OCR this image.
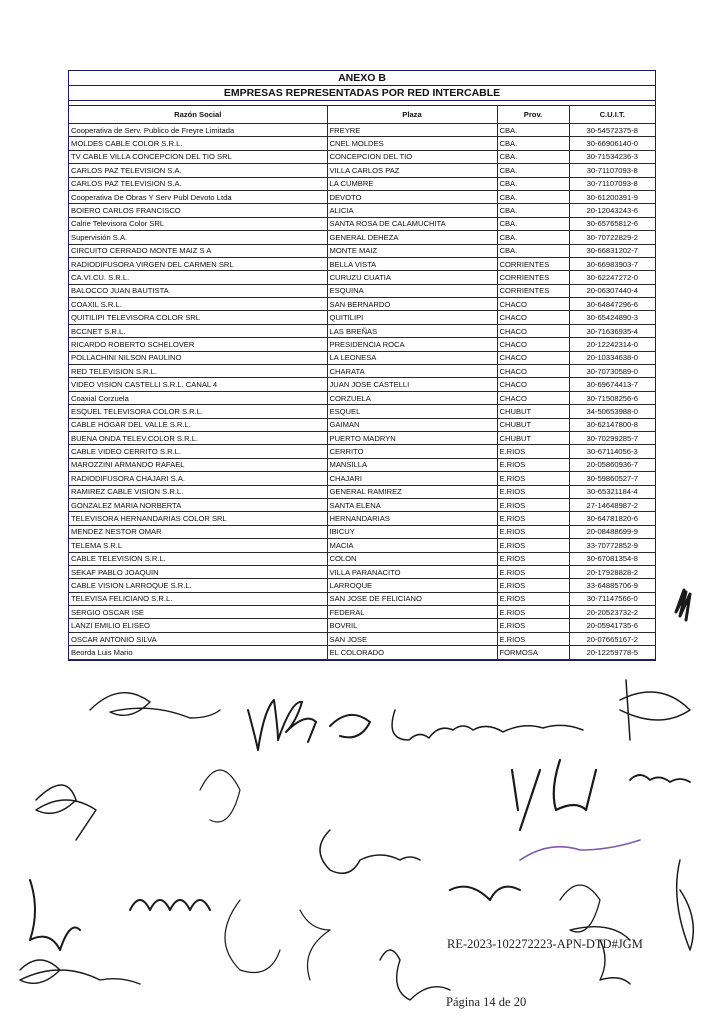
ANEXO B
EMPRESAS REPRESENTADAS POR RED INTERCABLE
Razón Social	Plaza	Prov.	C.U.I.T.
Cooperativa de Serv. Publico de Freyre Limitada	FREYRE	CBA.	30-54572375-8
MOLDES CABLE COLOR S.R.L.	CNEL MOLDES	CBA.	30-66906140-0
TV CABLE VILLA CONCEPCION DEL TIO SRL	CONCEPCION DEL TIO	CBA.	30-71534236-3
CARLOS PAZ TELEVISION S.A.	VILLA CARLOS PAZ	CBA.	30-71107093-8
CARLOS PAZ TELEVISION S.A.	LA CUMBRE	CBA.	30-71107093-8
Cooperativa De Obras Y Serv Publ Devoto Ltda	DEVOTO	CBA.	30-61200391-9
BOIERO CARLOS FRANCISCO	ALICIA	CBA.	20-12043243-6
Calrie Televisora Color SRL	SANTA ROSA DE CALAMUCHITA	CBA.	30-65765812-6
Supervisión S.A.	GENERAL DEHEZA	CBA.	30-70722829-2
CIRCUITO CERRADO MONTE MAIZ S A	MONTE MAIZ	CBA.	30-66831202-7
RADIODIFUSORA VIRGEN DEL CARMEN SRL	BELLA VISTA	CORRIENTES	30-66983903-7
CA.VI.CU. S.R.L.	CURUZU CUATIA	CORRIENTES	30-62247272-0
BALOCCO JUAN BAUTISTA	ESQUINA	CORRIENTES	20-06307440-4
COAXIL S.R.L.	SAN BERNARDO	CHACO	30-64847296-6
QUITILIPI TELEVISORA COLOR SRL	QUITILIPI	CHACO	30-65424890-3
BCCNET S.R.L.	LAS BREÑAS	CHACO	30-71636935-4
RICARDO ROBERTO SCHELOVER	PRESIDENCIA ROCA	CHACO	20-12242314-0
POLLACHINI NILSON PAULINO	LA LEONESA	CHACO	20-10334638-0
RED TELEVISION S.R.L.	CHARATA	CHACO	30-70730589-0
VIDEO VISION CASTELLI S.R.L. CANAL 4	JUAN JOSE CASTELLI	CHACO	30-69674413-7
Coaxial Corzuela	CORZUELA	CHACO	30-71508256-6
ESQUEL TELEVISORA COLOR S.R.L.	ESQUEL	CHUBUT	34-50653988-0
CABLE HOGAR DEL VALLE S.R.L.	GAIMAN	CHUBUT	30-62147800-8
BUENA ONDA TELEV.COLOR S.R.L.	PUERTO MADRYN	CHUBUT	30-70299285-7
CABLE VIDEO CERRITO S.R.L.	CERRITO	E.RIOS	30-67114056-3
MAROZZINI ARMANDO RAFAEL	MANSILLA	E.RIOS	20-05860936-7
RADIODIFUSORA CHAJARI S.A.	CHAJARI	E.RIOS	30-59860527-7
RAMIREZ CABLE VISION S.R.L.	GENERAL RAMIREZ	E.RIOS	30-65321184-4
GONZALEZ MARIA NORBERTA	SANTA ELENA	E.RIOS	27-14648987-2
TELEVISORA HERNANDARIAS COLOR SRL	HERNANDARIAS	E.RIOS	30-64781820-6
MENDEZ NESTOR OMAR	IBICUY	E.RIOS	20-08488699-9
TELEMA S.R.L	MACIA	E.RIOS	33-70772852-9
CABLE TELEVISION S.R.L.	COLON	E.RIOS	30-67081354-8
SEKAF PABLO JOAQUIN	VILLA PARANACITO	E.RIOS	20-17928828-2
CABLE VISION LARROQUE S.R.L.	LARROQUE	E.RIOS	33-64885706-9
TELEVISA FELICIANO S.R.L.	SAN JOSE DE FELICIANO	E.RIOS	30-71147566-0
SERGIO OSCAR ISE	FEDERAL	E.RIOS	20-20523732-2
LANZI EMILIO ELISEO	BOVRIL	E.RIOS	20-05941735-6
OSCAR ANTONIO SILVA	SAN JOSE	E.RIOS	20-07665167-2
Beorda Luis Mario	EL COLORADO	FORMOSA	20-12259778-5
RE-2023-102272223-APN-DTD#JGM
Página 14 de 20
